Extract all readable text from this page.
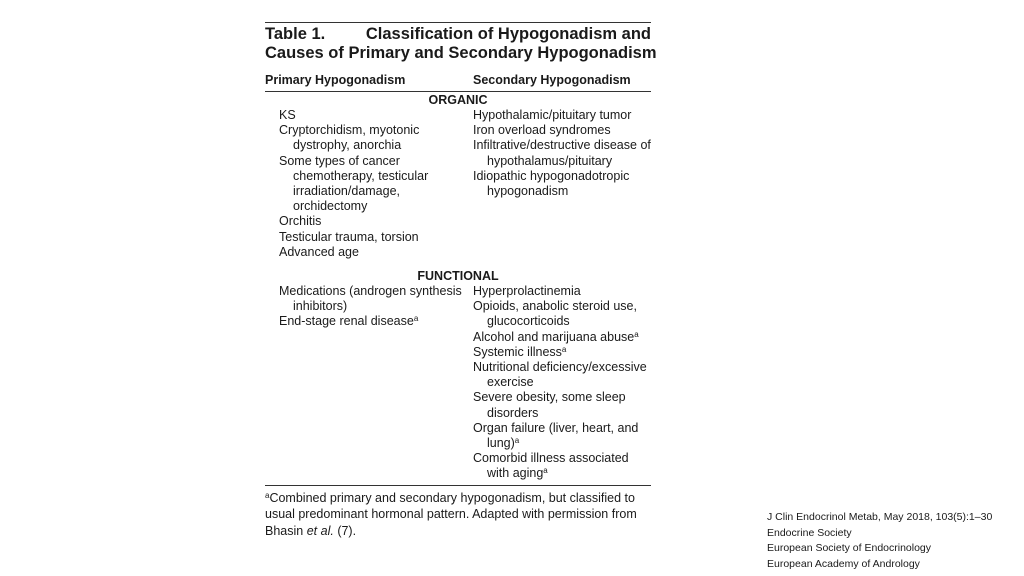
Table 1.	Classification of Hypogonadism and
Causes of Primary and Secondary Hypogonadism
Primary Hypogonadism	Secondary Hypogonadism
ORGANIC
KS
Cryptorchidism, myotonic dystrophy, anorchia
Some types of cancer chemotherapy, testicular irradiation/damage, orchidectomy
Orchitis
Testicular trauma, torsion
Advanced age
Hypothalamic/pituitary tumor
Iron overload syndromes
Infiltrative/destructive disease of hypothalamus/pituitary
Idiopathic hypogonadotropic hypogonadism
FUNCTIONAL
Medications (androgen synthesis inhibitors)
End-stage renal disease$^a$
Hyperprolactinemia
Opioids, anabolic steroid use, glucocorticoids
Alcohol and marijuana abuse$^a$
Systemic illness$^a$
Nutritional deficiency/excessive exercise
Severe obesity, some sleep disorders
Organ failure (liver, heart, and lung)$^a$
Comorbid illness associated with aging$^a$
$^a$Combined primary and secondary hypogonadism, but classified to usual predominant hormonal pattern. Adapted with permission from Bhasin et al. (7).
J Clin Endocrinol Metab, May 2018, 103(5):1–30
Endocrine Society
European Society of Endocrinology
European Academy of Andrology
